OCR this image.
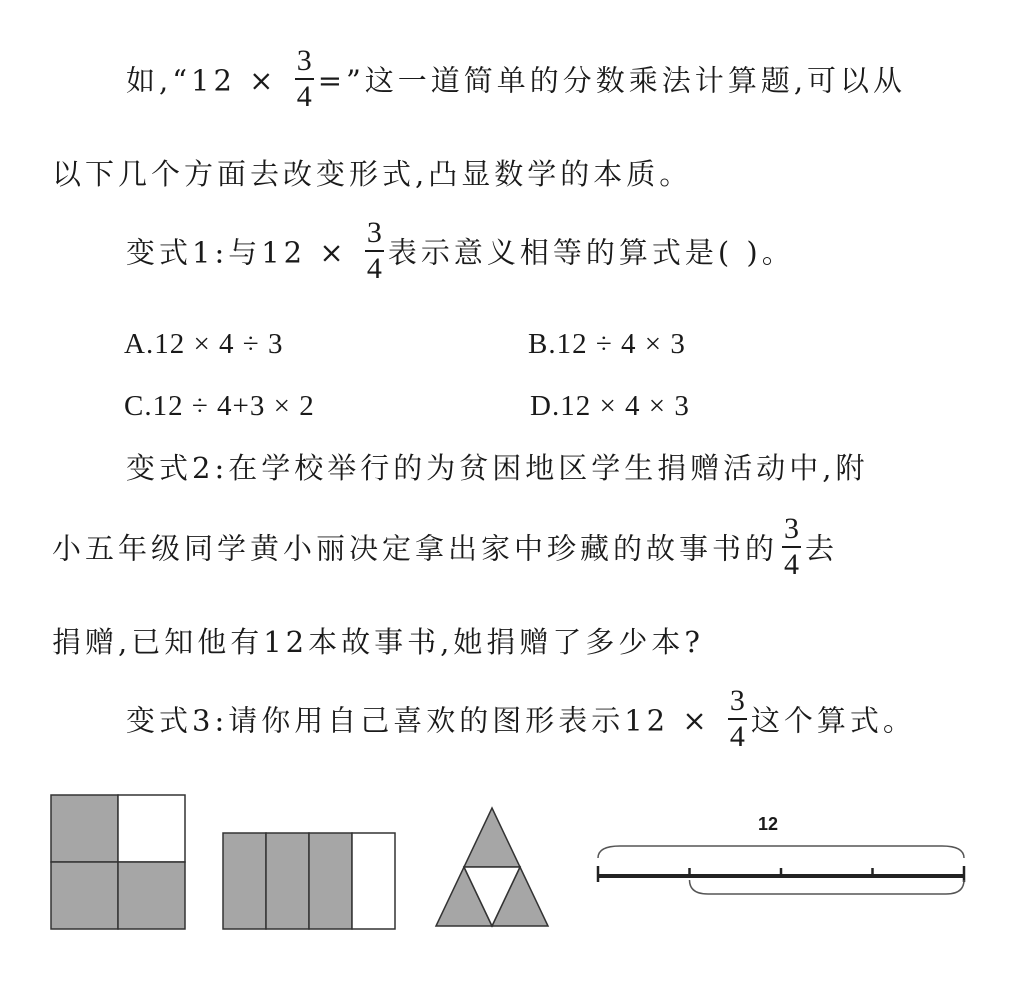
如,“12 × $\frac{3}{4}$ =”这一道简单的分数乘法计算题,可以从
以下几个方面去改变形式,凸显数学的本质。
变式1:与$12 \times \frac{3}{4}$ 表示意义相等的算式是( )。
A.12 × 4 ÷ 3	B.12 ÷ 4 × 3
C.12 ÷ 4+3 × 2	D.12 × 4 × 3
变式2:在学校举行的为贫困地区学生捐赠活动中,附
小五年级同学黄小丽决定拿出家中珍藏的故事书的 $\frac{3}{4}$ 去
捐赠,已知他有12本故事书,她捐赠了多少本?
变式3:请你用自己喜欢的图形表示$12 \times \frac{3}{4}$ 这个算式。
12
